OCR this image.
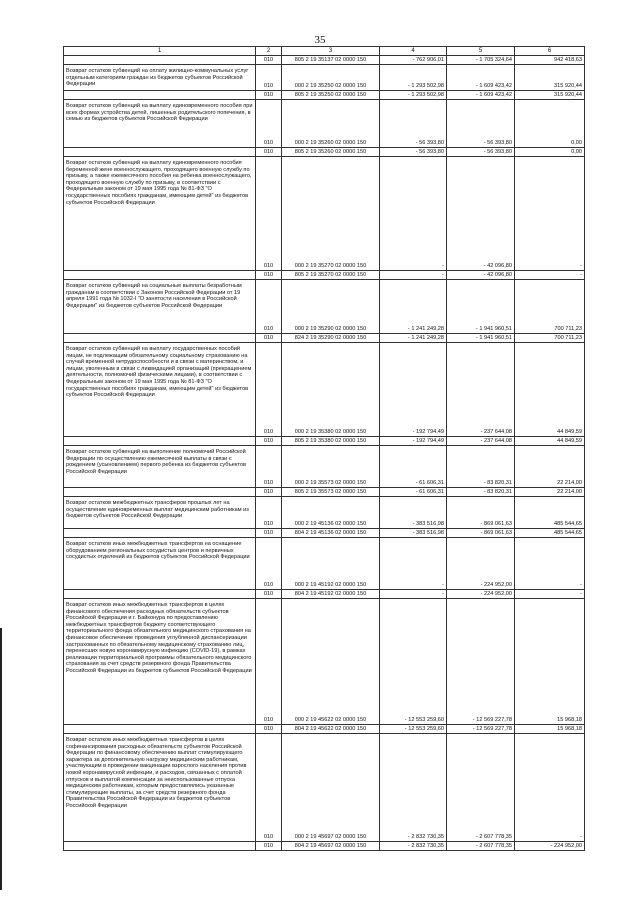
35
1	2	3	4	5	6
	010	805 2 19 35137 02 0000 150	- 762 906,01	- 1 705 324,64	942 418,63
Возврат остатков субвенций на оплату жилищно-коммунальных услуг отдельным категориям граждан из бюджетов субъектов Российской Федерации	010	000 2 19 35250 02 0000 150	- 1 293 502,98	- 1 609 423,42	315 920,44
	010	805 2 19 35250 02 0000 150	- 1 293 502,98	- 1 609 423,42	315 920,44
Возврат остатков субвенций на выплату единовременного пособия при всех формах устройства детей, лишенных родительского попечения, в семью из бюджетов субъектов Российской Федерации	010	000 2 19 35260 02 0000 150	- 56 393,80	- 56 393,80	0,00
	010	805 2 19 35260 02 0000 150	- 56 393,80	- 56 393,80	0,00
Возврат остатков субвенций на выплату единовременного пособия беременной жене военнослужащего, проходящего военную службу по призыву, а также ежемесячного пособия на ребенка военнослужащего, проходящего военную службу по призыву, в соответствии с Федеральным законом от 19 мая 1995 года № 81-ФЗ "О государственных пособиях гражданам, имеющим детей" из бюджетов субъектов Российской Федерации	010	000 2 19 35270 02 0000 150	-	- 42 096,80	-
	010	805 2 19 35270 02 0000 150	-	- 42 096,80	-
Возврат остатков субвенций на социальные выплаты безработным гражданам в соответствии с Законом Российской Федерации от 19 апреля 1991 года № 1032-I "О занятости населения в Российской Федерации" из бюджетов субъектов Российской Федерации	010	000 2 19 35290 02 0000 150	- 1 241 249,28	- 1 941 960,51	700 711,23
	010	824 2 19 35290 02 0000 150	- 1 241 249,28	- 1 941 960,51	700 711,23
Возврат остатков субвенций на выплату государственных пособий лицам, не подлежащим обязательному социальному страхованию на случай временной нетрудоспособности и в связи с материнством, и лицам, уволенным в связи с ликвидацией организаций (прекращением деятельности, полномочий физическими лицами), в соответствии с Федеральным законом от 19 мая 1995 года № 81-ФЗ "О государственных пособиях гражданам, имеющим детей" из бюджетов субъектов Российской Федерации	010	000 2 19 35380 02 0000 150	- 192 794,49	- 237 644,08	44 849,59
	010	805 2 19 35380 02 0000 150	- 192 794,49	- 237 644,08	44 849,59
Возврат остатков субвенций на выполнение полномочий Российской Федерации по осуществлению ежемесячной выплаты в связи с рождением (усыновлением) первого ребенка из бюджетов субъектов Российской Федерации	010	000 2 19 35573 02 0000 150	- 61 606,31	- 83 820,31	22 214,00
	010	805 2 19 35573 02 0000 150	- 61 606,31	- 83 820,31	22 214,00
Возврат остатков межбюджетных трансферов прошлых лет на осуществление единовременных выплат медицинским работникам из бюджетов субъектов Российской Федерации	010	000 2 19 45136 02 0000 150	- 383 516,98	- 869 061,63	485 544,65
	010	804 2 19 45136 02 0000 150	- 383 516,98	- 869 061,63	485 544,65
Возврат остатков иных межбюджетных трансфертов на оснащение оборудованием региональных сосудистых центров и первичных сосудистых отделений из бюджетов субъектов Российской Федерации	010	000 2 19 45192 02 0000 150	-	- 224 952,00	-
	010	804 2 19 45192 02 0000 150	-	- 224 952,00	-
Возврат остатков иных межбюджетных трансфертов в целях финансового обеспечения расходных обязательств субъектов Российской Федерации и г. Байконура по предоставлению межбюджетных трансфертов бюджету соответствующего территориального фонда обязательного медицинского страхования на финансовое обеспечение проведения углубленной диспансеризации застрахованных по обязательному медицинскому страхованию лиц, перенесших новую коронавирусную инфекцию (COVID-19), в рамках реализации территориальной программы обязательного медицинского страхования за счет средств резервного фонда Правительства Российской Федерации из бюджетов субъектов Российской Федерации	010	000 2 19 45622 02 0000 150	- 12 553 259,60	- 12 569 227,78	15 968,18
	010	804 2 19 45622 02 0000 150	- 12 553 259,60	- 12 569 227,78	15 968,18
Возврат остатков иных межбюджетных трансфертов в целях софинансирования расходных обязательств субъектов Российской Федерации по финансовому обеспечению выплат стимулирующего характера за дополнительную нагрузку медицинским работникам, участвующим в проведении вакцинации взрослого населения против новой коронавирусной инфекции, и расходов, связанных с оплатой отпусков и выплатой компенсации за неиспользованные отпуска медицинским работникам, которым предоставлялись указанные стимулирующие выплаты, за счет средств резервного фонда Правительства Российской Федерации из бюджетов субъектов Российской Федерации	010	000 2 19 45697 02 0000 150	- 2 832 730,35	- 2 607 778,35	-
	010	804 2 19 45697 02 0000 150	- 2 832 730,35	- 2 607 778,35	- 224 952,00
